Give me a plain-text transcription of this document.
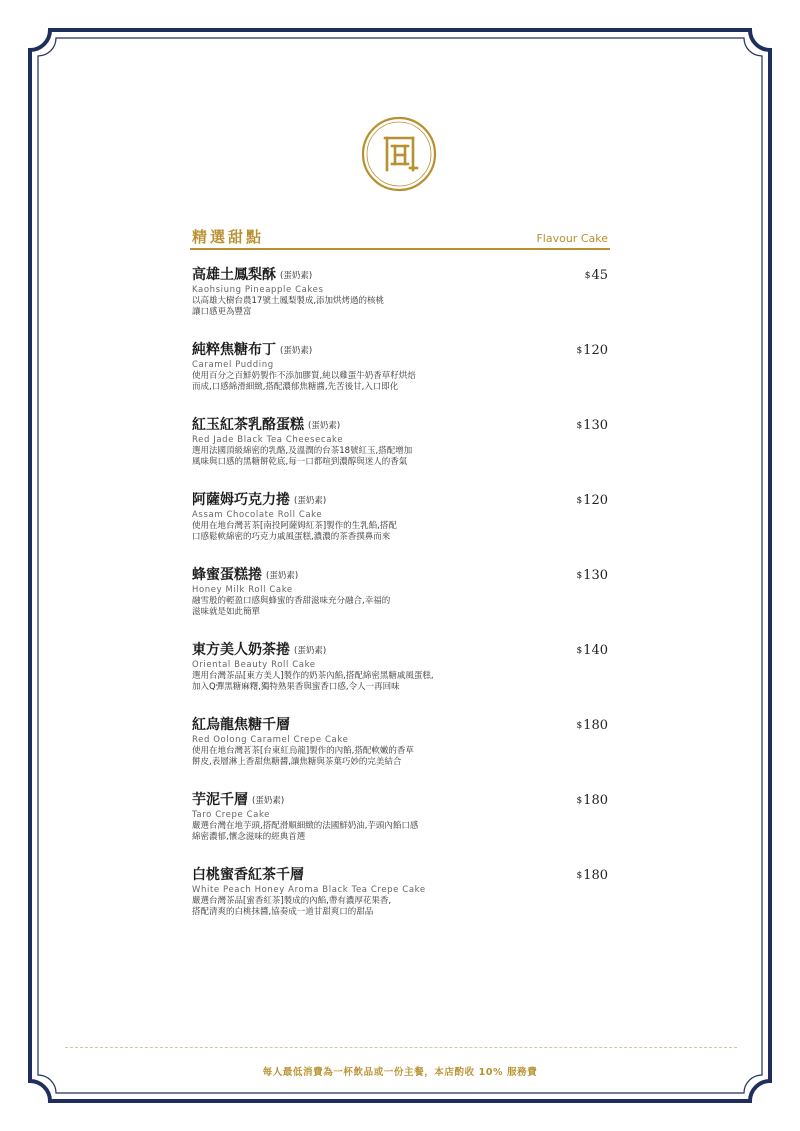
精選甜點	Flavour Cake
高雄土鳳梨酥 (蛋奶素)
Kaohsiung Pineapple Cakes
以高雄大樹台農17號土鳳梨製成,添加烘烤過的核桃
讓口感更為豐富
$45
純粹焦糖布丁 (蛋奶素)
Caramel Pudding
使用百分之百鮮奶製作不添加膠質,純以雞蛋牛奶香草籽烘焙
而成,口感綿滑細緻,搭配濃郁焦糖醬,先苦後甘,入口即化
$120
紅玉紅茶乳酪蛋糕 (蛋奶素)
Red Jade Black Tea Cheesecake
選用法國頂級綿密的乳酪,及溫潤的台茶18號紅玉,搭配增加
風味與口感的黑糖餅乾底,每一口都喧到濃醇與迷人的香氣
$130
阿薩姆巧克力捲 (蛋奶素)
Assam Chocolate Roll Cake
使用在地台灣茗茶[南投阿薩姆紅茶]製作的生乳餡,搭配
口感鬆軟綿密的巧克力戚風蛋糕,濃濃的茶香撲鼻而來
$120
蜂蜜蛋糕捲 (蛋奶素)
Honey Milk Roll Cake
融雪般的輕盈口感與蜂蜜的香甜滋味充分融合,幸福的
滋味就是如此簡單
$130
東方美人奶茶捲 (蛋奶素)
Oriental Beauty Roll Cake
選用台灣茶品[東方美人]製作的奶茶內餡,搭配綿密黑糖戚風蛋糕,
加入Q彈黑糖麻糬,獨特熟果香與蜜香口感,令人一再回味
$140
紅烏龍焦糖千層
Red Oolong Caramel Crepe Cake
使用在地台灣茗茶[台東紅烏龍]製作的內餡,搭配軟嫩的香草
餅皮,表層淋上香甜焦糖醬,讓焦糖與茶葉巧妙的完美結合
$180
芋泥千層 (蛋奶素)
Taro Crepe Cake
嚴選台灣在地芋頭,搭配滑順細緻的法國鮮奶油,芋頭內餡口感
綿密濃郁,懷念滋味的經典首選
$180
白桃蜜香紅茶千層
White Peach Honey Aroma Black Tea Crepe Cake
嚴選台灣茶品[蜜香紅茶]製成的內餡,帶有濃厚花果香,
搭配清爽的白桃抹醬,協奏成一道甘甜爽口的甜品
$180
每人最低消費為一杯飲品或一份主餐，本店酌收 10% 服務費
